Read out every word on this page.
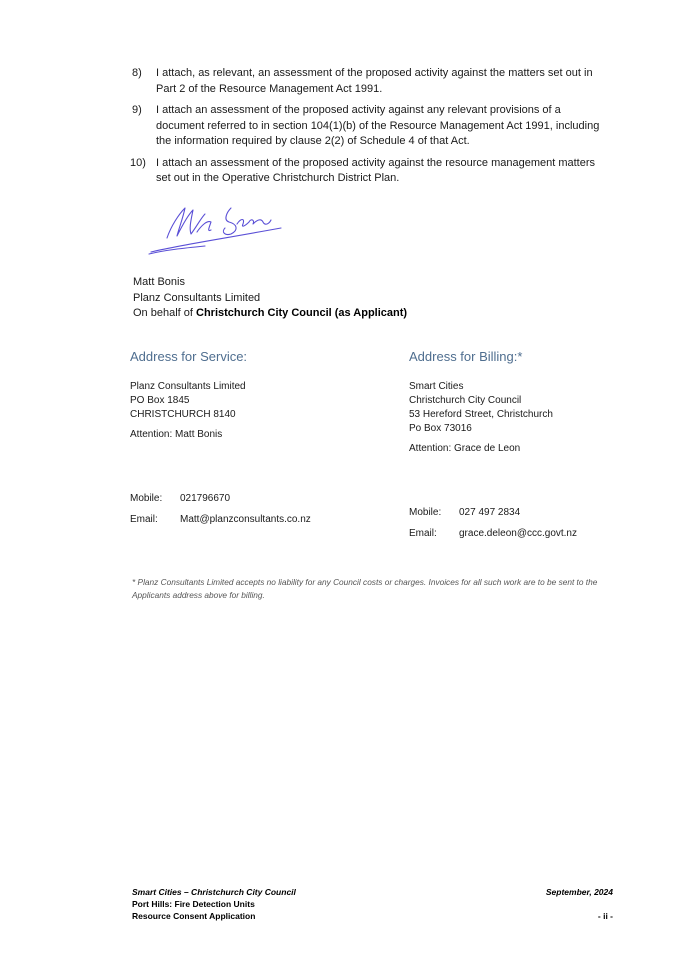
8) I attach, as relevant, an assessment of the proposed activity against the matters set out in Part 2 of the Resource Management Act 1991.
9) I attach an assessment of the proposed activity against any relevant provisions of a document referred to in section 104(1)(b) of the Resource Management Act 1991, including the information required by clause 2(2) of Schedule 4 of that Act.
10) I attach an assessment of the proposed activity against the resource management matters set out in the Operative Christchurch District Plan.
Matt Bonis
Planz Consultants Limited
On behalf of Christchurch City Council (as Applicant)
Address for Service:
Planz Consultants Limited
PO Box 1845
CHRISTCHURCH 8140
Attention: Matt Bonis
Address for Billing:*
Smart Cities
Christchurch City Council
53 Hereford Street, Christchurch
Po Box 73016
Attention: Grace de Leon
Mobile:	021796670
Email:	Matt@planzconsultants.co.nz
Mobile:	027 497 2834
Email:	grace.deleon@ccc.govt.nz
* Planz Consultants Limited accepts no liability for any Council costs or charges. Invoices for all such work are to be sent to the Applicants address above for billing.
Smart Cities – Christchurch City Council
Port Hills: Fire Detection Units
Resource Consent Application
September, 2024
- ii -
